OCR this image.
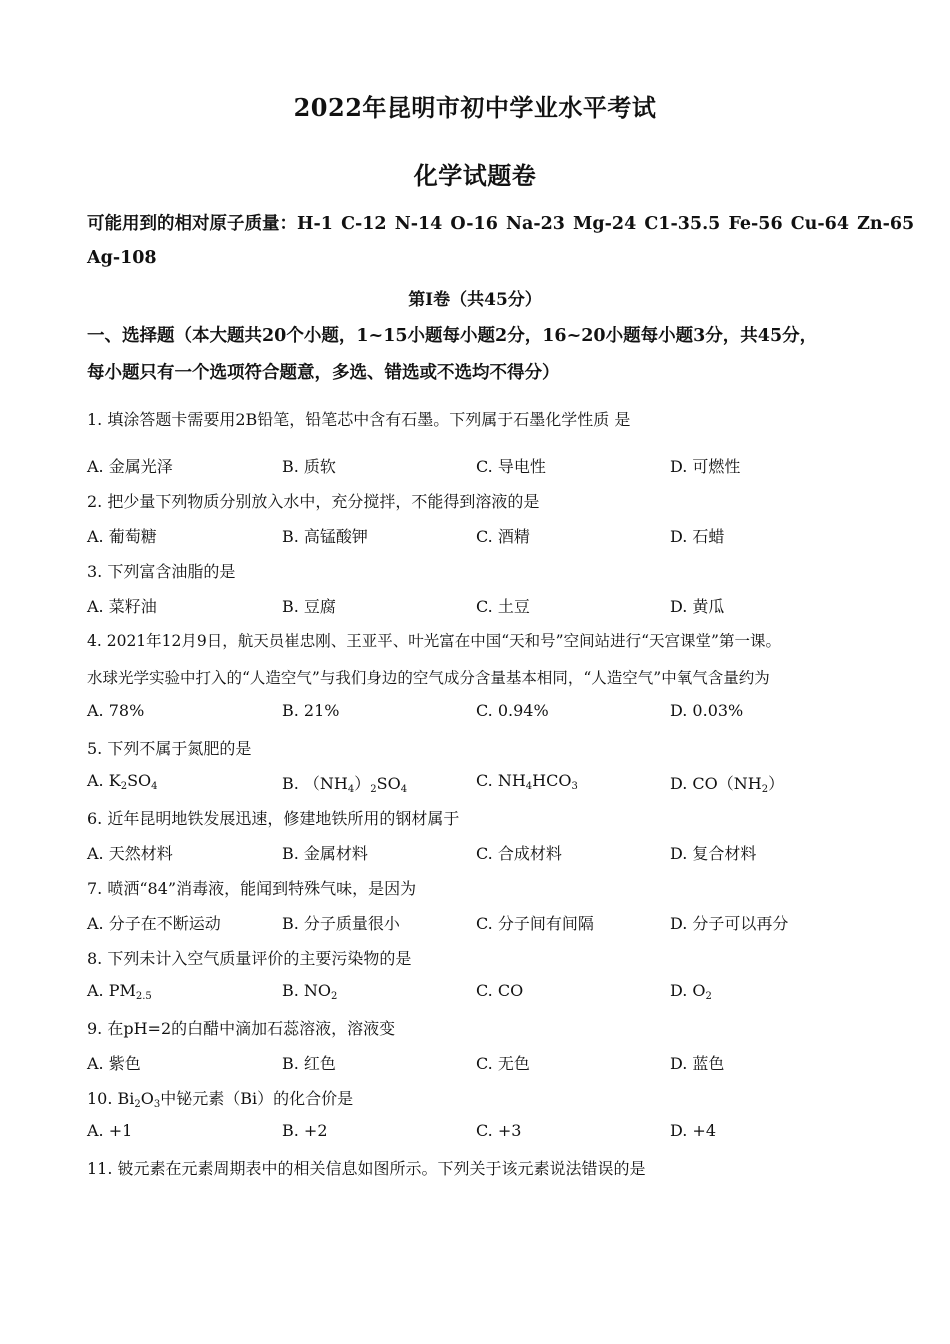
2022年昆明市初中学业水平考试
化学试题卷
可能用到的相对原子质量：H-1 C-12 N-14 O-16 Na-23 Mg-24 C1-35.5 Fe-56 Cu-64 Zn-65
Ag-108
第Ⅰ卷（共45分）
一、选择题（本大题共20个小题，1~15小题每小题2分，16~20小题每小题3分，共45分，
每小题只有一个选项符合题意，多选、错选或不选均不得分）
1. 填涂答题卡需要用2B铅笔，铅笔芯中含有石墨。下列属于石墨化学性质 是
A. 金属光泽	B. 质软	C. 导电性	D. 可燃性
2. 把少量下列物质分别放入水中，充分搅拌，不能得到溶液的是
A. 葡萄糖	B. 高锰酸钾	C. 酒精	D. 石蜡
3. 下列富含油脂的是
A. 菜籽油	B. 豆腐	C. 土豆	D. 黄瓜
4. 2021年12月9日，航天员崔忠刚、王亚平、叶光富在中国“天和号”空间站进行“天宫课堂”第一课。
水球光学实验中打入的“人造空气”与我们身边的空气成分含量基本相同，“人造空气”中氧气含量约为
A. 78%	B. 21%	C. 0.94%	D. 0.03%
5. 下列不属于氮肥的是
A. $K_2SO_4$	B. $(NH_4)_2SO_4$	C. $NH_4HCO_3$	D. $CO(NH_2)$
6. 近年昆明地铁发展迅速，修建地铁所用的钢材属于
A. 天然材料	B. 金属材料	C. 合成材料	D. 复合材料
7. 喷洒“84”消毒液，能闻到特殊气味，是因为
A. 分子在不断运动	B. 分子质量很小	C. 分子间有间隔	D. 分子可以再分
8. 下列未计入空气质量评价的主要污染物的是
A. $PM_{2.5}$	B. $NO_2$	C. CO	D. $O_2$
9. 在pH=2的白醋中滴加石蕊溶液，溶液变
A. 紫色	B. 红色	C. 无色	D. 蓝色
10. $Bi_2O_3$中铋元素（Bi）的化合价是
A. +1	B. +2	C. +3	D. +4
11. 铍元素在元素周期表中的相关信息如图所示。下列关于该元素说法错误的是
